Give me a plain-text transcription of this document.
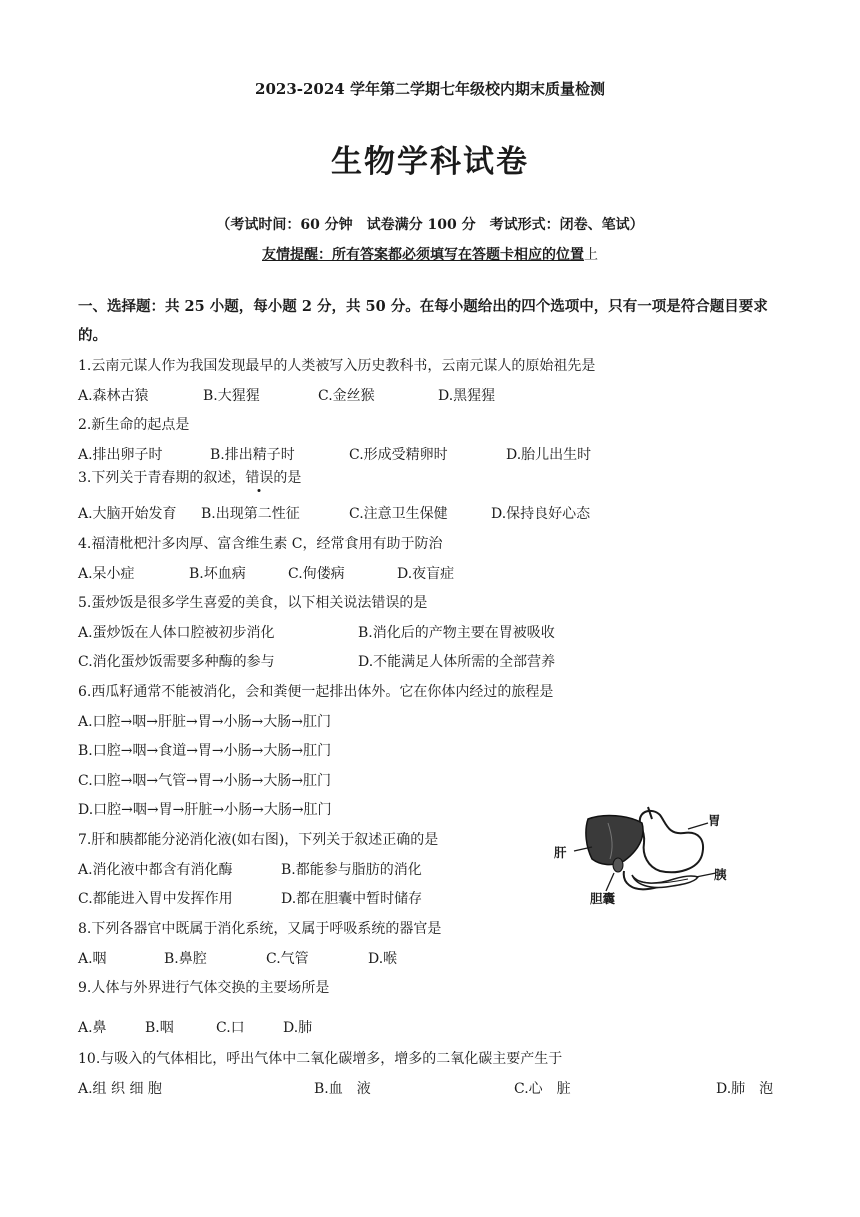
2023-2024 学年第二学期七年级校内期末质量检测
生物学科试卷
（考试时间：60 分钟　试卷满分 100 分　考试形式：闭卷、笔试）
友情提醒：所有答案都必须填写在答题卡相应的位置上
一、选择题：共 25 小题，每小题 2 分，共 50 分。在每小题给出的四个选项中，只有一项是符合题目要求的。
1.云南元谋人作为我国发现最早的人类被写入历史教科书，云南元谋人的原始祖先是
A.森林古猿	B.大猩猩	C.金丝猴	D.黑猩猩
2.新生命的起点是
A.排出卵子时	B.排出精子时	C.形成受精卵时	D.胎儿出生时
3.下列关于青春期的叙述，错误的是
A.大脑开始发育 B.出现第二性征	C.注意卫生保健	D.保持良好心态
4.福清枇杷汁多肉厚、富含维生素 C，经常食用有助于防治
A.呆小症	B.坏血病	C.佝偻病	D.夜盲症
5.蛋炒饭是很多学生喜爱的美食，以下相关说法错误的是
A.蛋炒饭在人体口腔被初步消化	B.消化后的产物主要在胃被吸收
C.消化蛋炒饭需要多种酶的参与	D.不能满足人体所需的全部营养
6.西瓜籽通常不能被消化，会和粪便一起排出体外。它在你体内经过的旅程是
A.口腔→咽→肝脏→胃→小肠→大肠→肛门
B.口腔→咽→食道→胃→小肠→大肠→肛门
C.口腔→咽→气管→胃→小肠→大肠→肛门
D.口腔→咽→胃→肝脏→小肠→大肠→肛门
7.肝和胰都能分泌消化液(如右图)，下列关于叙述正确的是
A.消化液中都含有消化酶	B.都能参与脂肪的消化
C.都能进入胃中发挥作用	D.都在胆囊中暂时储存
肝
胃
胰
胆囊
8.下列各器官中既属于消化系统，又属于呼吸系统的器官是
A.咽	B.鼻腔	C.气管	D.喉
9.人体与外界进行气体交换的主要场所是
A.鼻	B.咽	C.口	D.肺
10.与吸入的气体相比，呼出气体中二氧化碳增多，增多的二氧化碳主要产生于
A.组 织 细 胞	B.血　液	C.心　脏	D.肺　泡
